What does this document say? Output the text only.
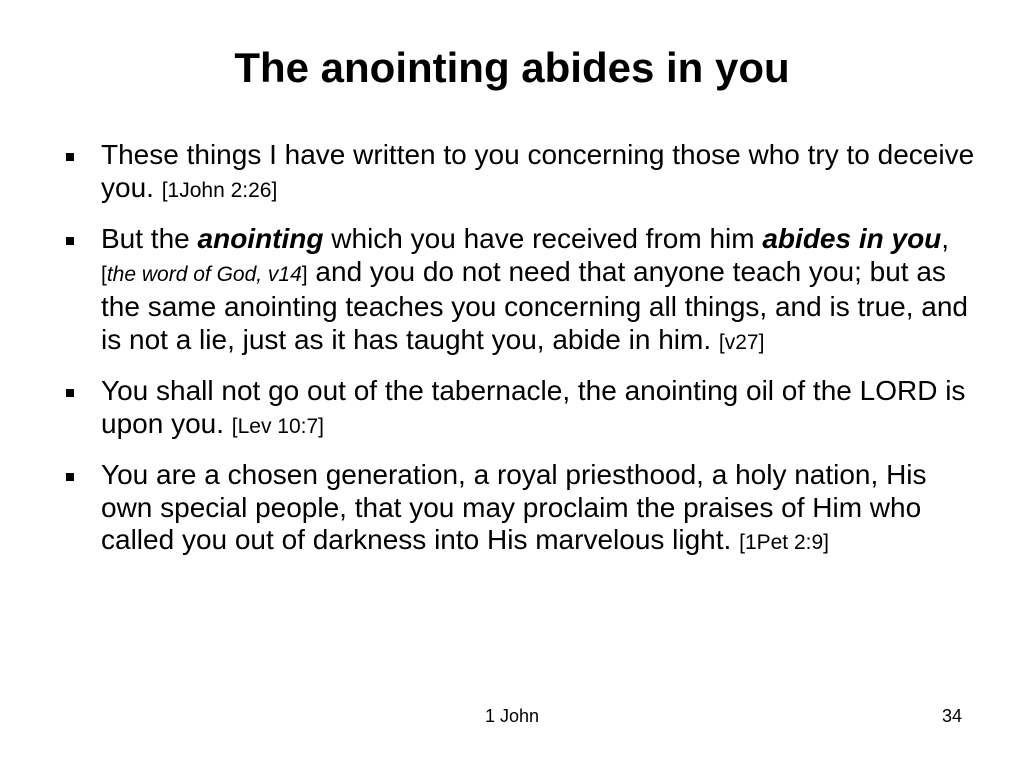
The anointing abides in you
These things I have written to you concerning those who try to deceive you. [1John 2:26]
But the anointing which you have received from him abides in you, [the word of God, v14] and you do not need that anyone teach you; but as the same anointing teaches you concerning all things, and is true, and is not a lie, just as it has taught you, abide in him. [v27]
You shall not go out of the tabernacle, the anointing oil of the LORD is upon you. [Lev 10:7]
You are a chosen generation, a royal priesthood, a holy nation, His own special people, that you may proclaim the praises of Him who called you out of darkness into His marvelous light. [1Pet 2:9]
1 John	34
